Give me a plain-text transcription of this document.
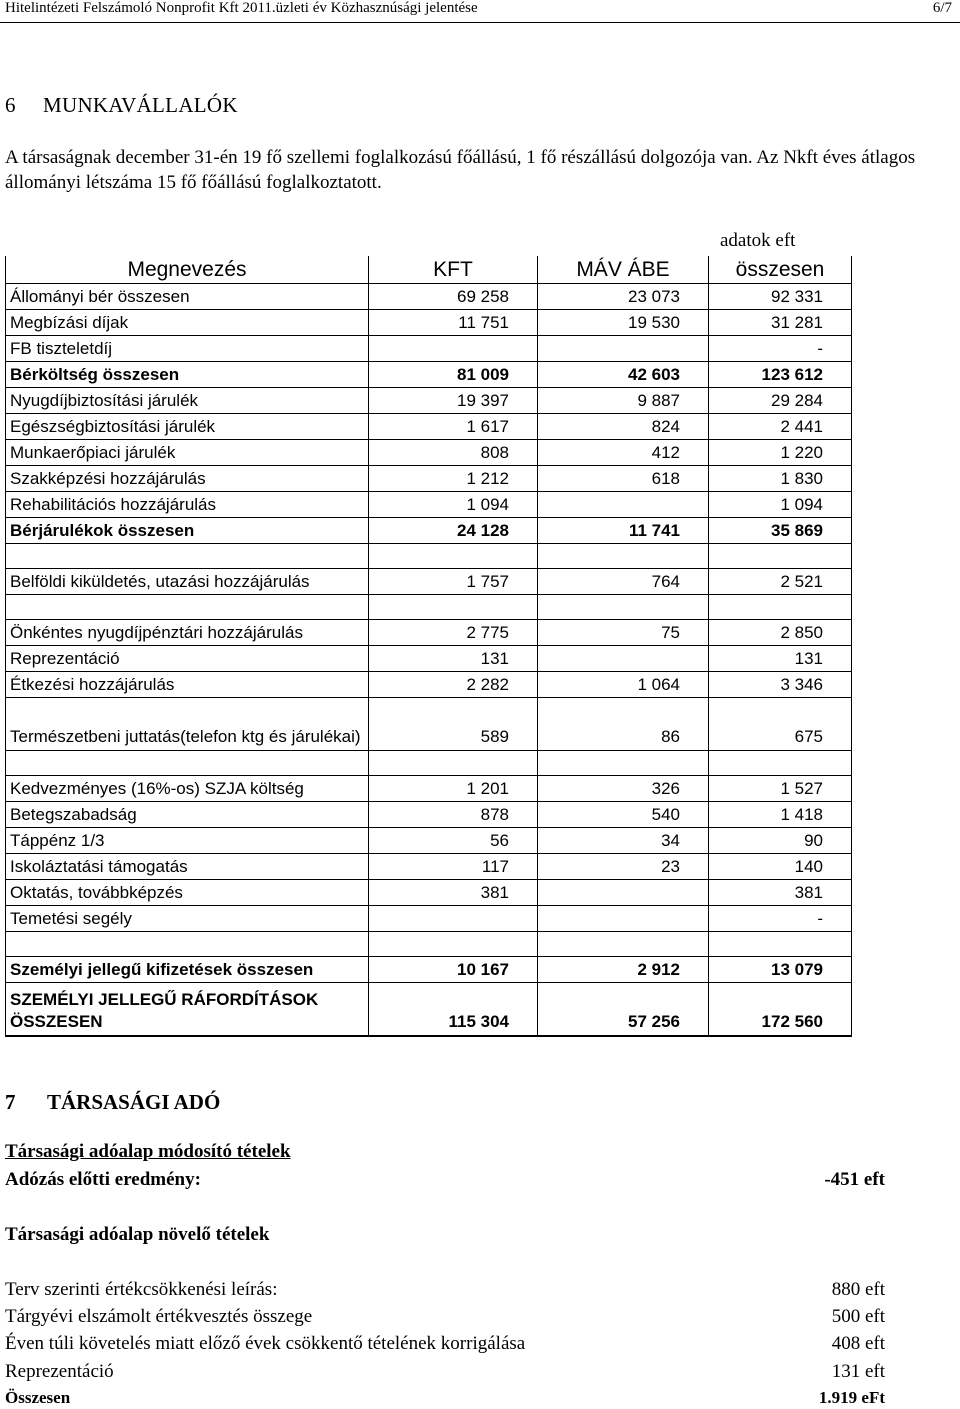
Hitelintézeti Felszámoló Nonprofit Kft 2011.üzleti év Közhasznúsági jelentése	6/7
6 MUNKAVÁLLALÓK
A társaságnak december 31-én 19 fő szellemi foglalkozású főállású, 1 fő részállású dolgozója van. Az Nkft éves átlagos állományi létszáma 15 fő főállású foglalkoztatott.
adatok eft
Megnevezés	KFT	MÁV ÁBE	összesen
Állományi bér összesen	69 258	23 073	92 331
Megbízási díjak	11 751	19 530	31 281
FB tiszteletdíj			-
Bérköltség összesen	81 009	42 603	123 612
Nyugdíjbiztosítási járulék	19 397	9 887	29 284
Egészségbiztosítási járulék	1 617	824	2 441
Munkaerőpiaci járulék	808	412	1 220
Szakképzési hozzájárulás	1 212	618	1 830
Rehabilitációs hozzájárulás	1 094		1 094
Bérjárulékok összesen	24 128	11 741	35 869

Belföldi kiküldetés, utazási hozzájárulás	1 757	764	2 521

Önkéntes nyugdíjpénztári hozzájárulás	2 775	75	2 850
Reprezentáció	131		131
Étkezési hozzájárulás	2 282	1 064	3 346
Természetbeni juttatás(telefon ktg és járulékai)	589	86	675

Kedvezményes (16%-os) SZJA költség	1 201	326	1 527
Betegszabadság	878	540	1 418
Táppénz 1/3	56	34	90
Iskoláztatási támogatás	117	23	140
Oktatás, továbbképzés	381		381
Temetési segély			-

Személyi jellegű kifizetések összesen	10 167	2 912	13 079
SZEMÉLYI JELLEGŰ RÁFORDÍTÁSOK ÖSSZESEN	115 304	57 256	172 560
7 TÁRSASÁGI ADÓ
Társasági adóalap módosító tételek
Adózás előtti eredmény:	-451 eft
Társasági adóalap növelő tételek
Terv szerinti értékcsökkenési leírás:	880 eft
Tárgyévi elszámolt értékvesztés összege	500 eft
Éven túli követelés miatt előző évek csökkentő tételének korrigálása	408 eft
Reprezentáció	131 eft
Összesen	1.919 eFt
